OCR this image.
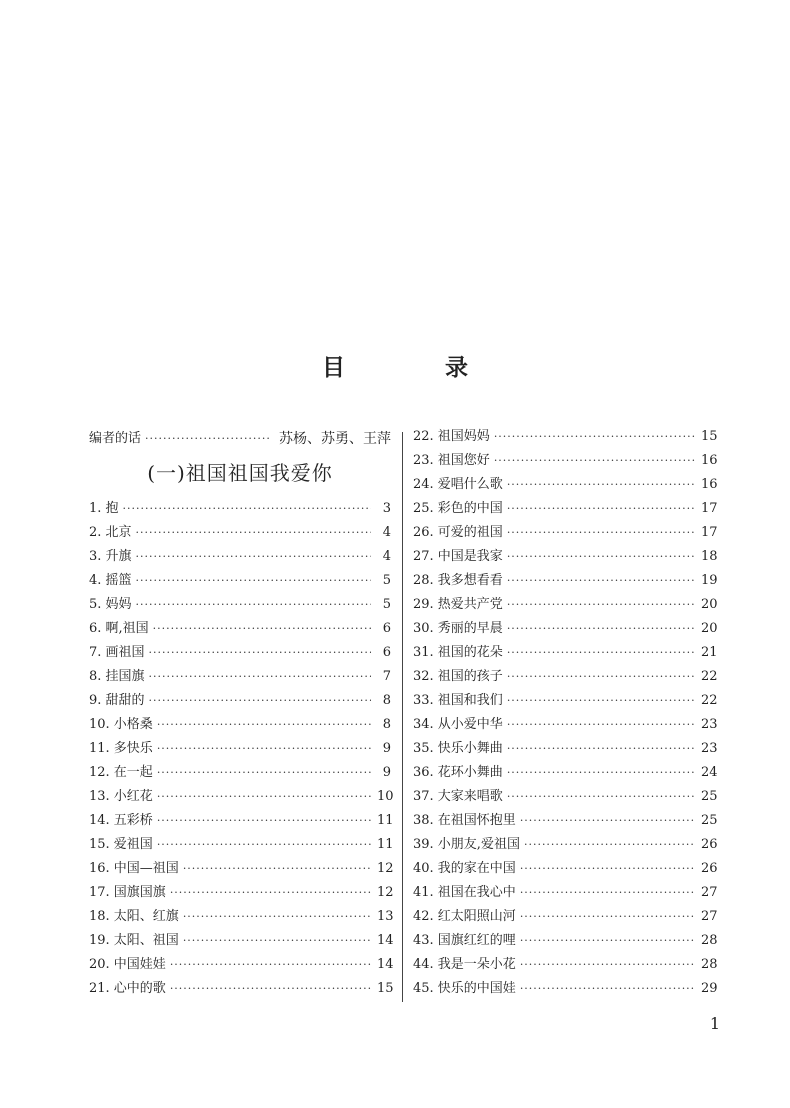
目 录
编者的话 ·····	苏杨、苏勇、王萍
(一)祖国祖国我爱你
1. 抱 ·····	3
2. 北京 ·····	4
3. 升旗 ·····	4
4. 摇篮 ·····	5
5. 妈妈 ·····	5
6. 啊,祖国 ·····	6
7. 画祖国 ·····	6
8. 挂国旗 ·····	7
9. 甜甜的 ·····	8
10. 小格桑 ·····	8
11. 多快乐 ·····	9
12. 在一起 ·····	9
13. 小红花 ·····	10
14. 五彩桥 ·····	11
15. 爱祖国 ·····	11
16. 中国—祖国 ·····	12
17. 国旗国旗 ·····	12
18. 太阳、红旗 ·····	13
19. 太阳、祖国 ·····	14
20. 中国娃娃 ·····	14
21. 心中的歌 ·····	15
22. 祖国妈妈 ·····	15
23. 祖国您好 ·····	16
24. 爱唱什么歌 ·····	16
25. 彩色的中国 ·····	17
26. 可爱的祖国 ·····	17
27. 中国是我家 ·····	18
28. 我多想看看 ·····	19
29. 热爱共产党 ·····	20
30. 秀丽的早晨 ·····	20
31. 祖国的花朵 ·····	21
32. 祖国的孩子 ·····	22
33. 祖国和我们 ·····	22
34. 从小爱中华 ·····	23
35. 快乐小舞曲 ·····	23
36. 花环小舞曲 ·····	24
37. 大家来唱歌 ·····	25
38. 在祖国怀抱里 ·····	25
39. 小朋友,爱祖国 ·····	26
40. 我的家在中国 ·····	26
41. 祖国在我心中 ·····	27
42. 红太阳照山河 ·····	27
43. 国旗红红的哩 ·····	28
44. 我是一朵小花 ·····	28
45. 快乐的中国娃 ·····	29
1
